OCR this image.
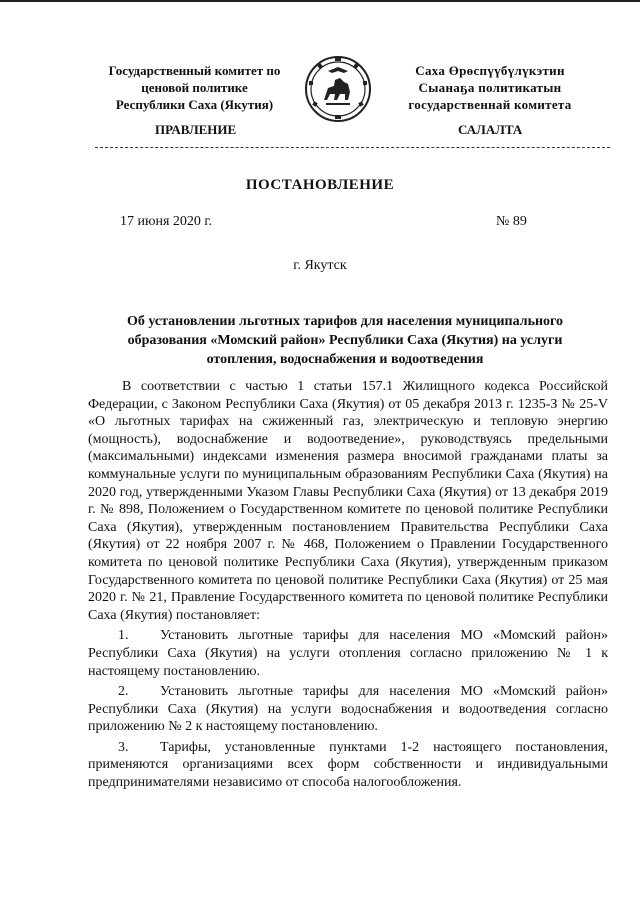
Государственный комитет по
ценовой политике
Республики Саха (Якутия)
Саха Өрөспүүбүлүкэтин
Сыанаҕа политикатын
государственнай комитета
ПРАВЛЕНИЕ	САЛАЛТА
ПОСТАНОВЛЕНИЕ
17 июня 2020 г.	№ 89
г. Якутск
Об установлении льготных тарифов для населения муниципального
образования «Момский район» Республики Саха (Якутия) на услуги
отопления, водоснабжения и водоотведения

В соответствии с частью 1 статьи 157.1 Жилищного кодекса Российской Федерации, с Законом Республики Саха (Якутия) от 05 декабря 2013 г. 1235-З № 25-V «О льготных тарифах на сжиженный газ, электрическую и тепловую энергию (мощность), водоснабжение и водоотведение», руководствуясь предельными (максимальными) индексами изменения размера вносимой гражданами платы за коммунальные услуги по муниципальным образованиям Республики Саха (Якутия) на 2020 год, утвержденными Указом Главы Республики Саха (Якутия) от 13 декабря 2019 г. № 898, Положением о Государственном комитете по ценовой политике Республики Саха (Якутия), утвержденным постановлением Правительства Республики Саха (Якутия) от 22 ноября 2007 г. № 468, Положением о Правлении Государственного комитета по ценовой политике Республики Саха (Якутия), утвержденным приказом Государственного комитета по ценовой политике Республики Саха (Якутия) от 25 мая 2020 г. № 21, Правление Государственного комитета по ценовой политике Республики Саха (Якутия) постановляет:

1. Установить льготные тарифы для населения МО «Момский район» Республики Саха (Якутия) на услуги отопления согласно приложению № 1 к настоящему постановлению.

2. Установить льготные тарифы для населения МО «Момский район» Республики Саха (Якутия) на услуги водоснабжения и водоотведения согласно приложению № 2 к настоящему постановлению.

3. Тарифы, установленные пунктами 1-2 настоящего постановления, применяются организациями всех форм собственности и индивидуальными предпринимателями независимо от способа налогообложения.
